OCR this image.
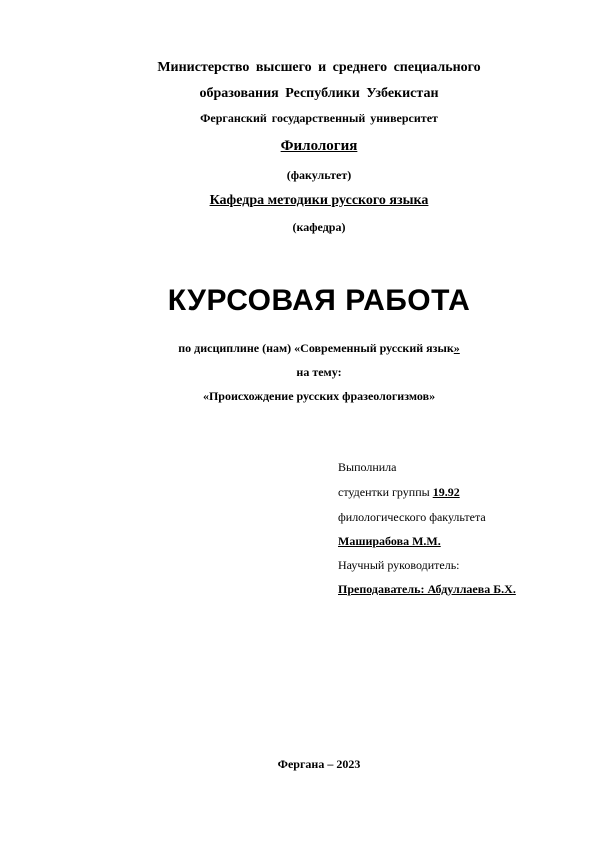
Министерство высшего и среднего специального
образования Республики Узбекистан
Ферганский государственный университет
Филология
(факультет)
Кафедра методики русского языка
(кафедра)
КУРСОВАЯ РАБОТА
по дисциплине (нам) «Современный русский язык»
на тему:
«Происхождение русских фразеологизмов»
Выполнила
студентки группы 19.92
филологического факультета
Маширабова М.М.
Научный руководитель:
Преподаватель: Абдуллаева Б.Х.
Фергана – 2023
